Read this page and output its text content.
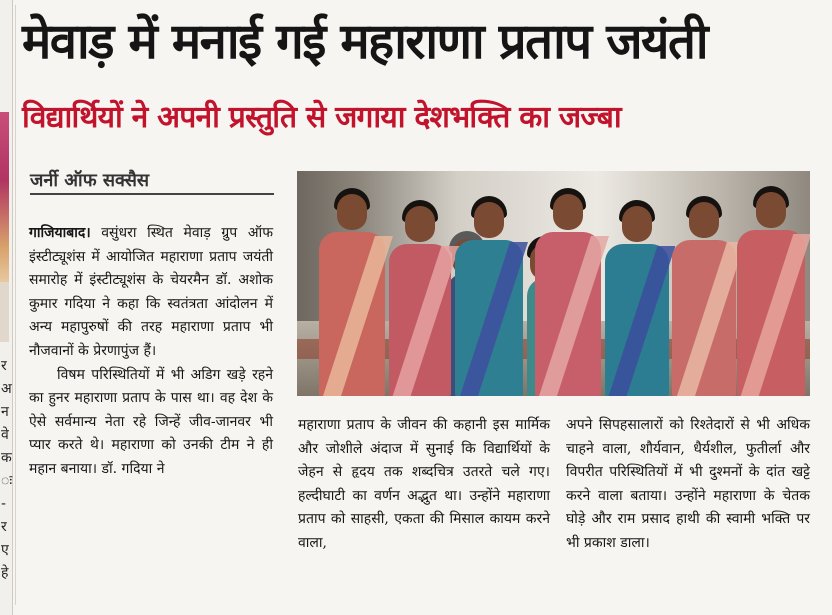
र
अ
न
वे
क
ः
-
र
ए
हे
मेवाड़ में मनाई गई महाराणा प्रताप जयंती
विद्यार्थियों ने अपनी प्रस्तुति से जगाया देशभक्ति का जज्बा
जर्नी ऑफ सक्सैस

गाजियाबाद। वसुंधरा स्थित मेवाड़ ग्रुप ऑफ इंस्टीट्यूशंस में आयोजित महाराणा प्रताप जयंती समारोह में इंस्टीट्यूशंस के चेयरमैन डॉ. अशोक कुमार गदिया ने कहा कि स्वतंत्रता आंदोलन में अन्य महापुरुषों की तरह महाराणा प्रताप भी नौजवानों के प्रेरणापुंज हैं।

विषम परिस्थितियों में भी अडिग खड़े रहने का हुनर महाराणा प्रताप के पास था। वह देश के ऐसे सर्वमान्य नेता रहे जिन्हें जीव-जानवर भी प्यार करते थे। महाराणा को उनकी टीम ने ही महान बनाया। डॉ. गदिया ने

महाराणा प्रताप के जीवन की कहानी इस मार्मिक और जोशीले अंदाज में सुनाई कि विद्यार्थियों के जेहन से हृदय तक शब्दचित्र उतरते चले गए। हल्दीघाटी का वर्णन अद्भुत था। उन्होंने महाराणा प्रताप को साहसी, एकता की मिसाल कायम करने वाला,

अपने सिपहसालारों को रिश्तेदारों से भी अधिक चाहने वाला, शौर्यवान, धैर्यशील, फुतीर्ला और विपरीत परिस्थितियों में भी दुश्मनों के दांत खट्टे करने वाला बताया। उन्होंने महाराणा के चेतक घोड़े और राम प्रसाद हाथी की स्वामी भक्ति पर भी प्रकाश डाला।
